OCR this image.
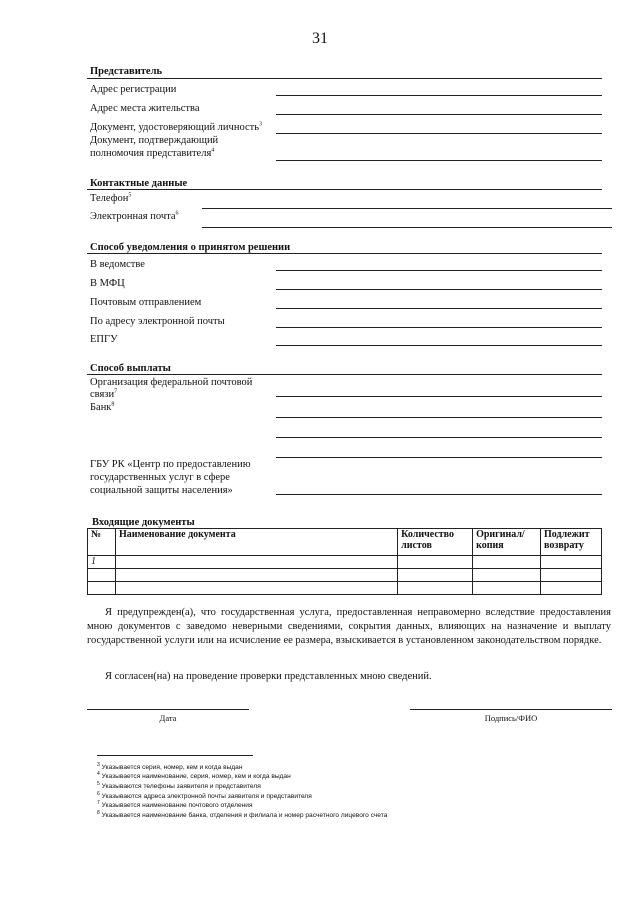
31
Представитель
Адрес регистрации
Адрес места жительства
Документ, удостоверяющий личность$^3$
Документ, подтверждающий
полномочия представителя$^4$
Контактные данные
Телефон$^5$
Электронная почта$^6$
Способ уведомления о принятом решении
В ведомстве
В МФЦ
Почтовым отправлением
По адресу электронной почты
ЕПГУ
Способ выплаты
Организация федеральной почтовой
связи$^7$
Банк$^8$
ГБУ РК «Центр по предоставлению
государственных услуг в сфере
социальной защиты населения»
Входящие документы
№	Наименование документа	Количество листов	Оригинал/ копия	Подлежит возврату
1				

Я предупрежден(а), что государственная услуга, предоставленная неправомерно вследствие предоставления мною документов с заведомо неверными сведениями, сокрытия данных, влияющих на назначение и выплату государственной услуги или на исчисление ее размера, взыскивается в установленном законодательством порядке.
Я согласен(на) на проведение проверки представленных мною сведений.
Дата	Подпись/ФИО
$^3$ Указывается серия, номер, кем и когда выдан
$^4$ Указывается наименование, серия, номер, кем и когда выдан
$^5$ Указываются телефоны заявителя и представителя
$^6$ Указываются адреса электронной почты заявителя и представителя
$^7$ Указывается наименование почтового отделения
$^8$ Указывается наименование банка, отделения и филиала и номер расчетного лицевого счета
